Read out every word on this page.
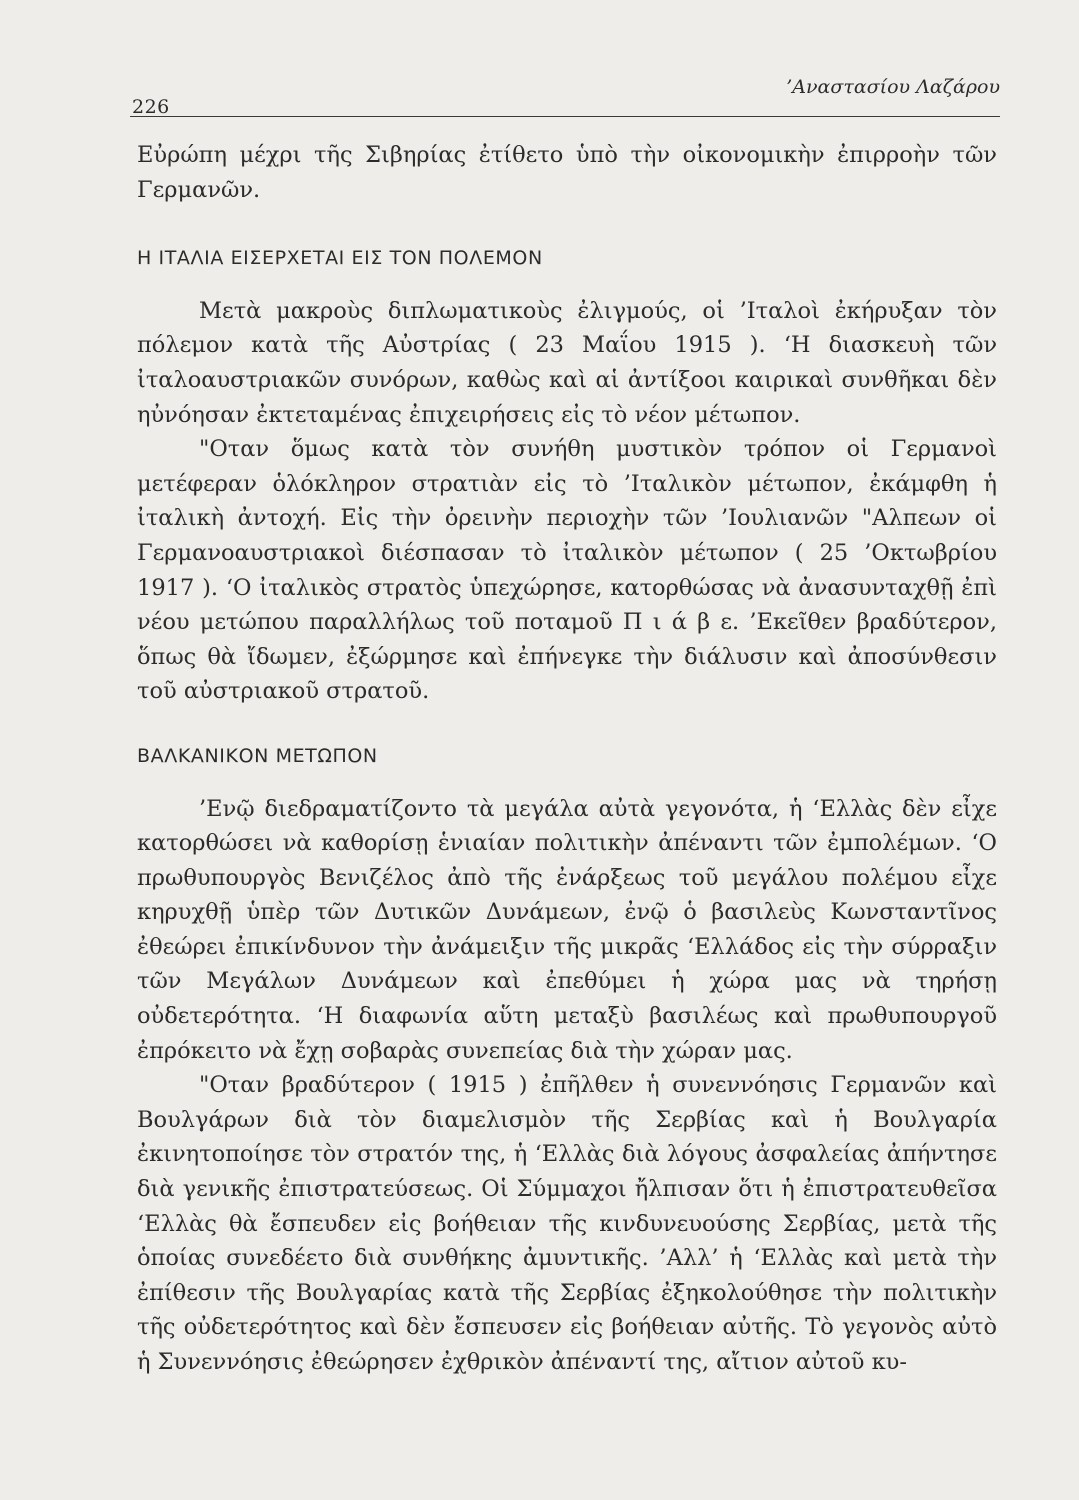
226
’Αναστασίου Λαζάρου

Εὐρώπη μέχρι τῆς Σιβηρίας ἐτίθετο ὑπὸ τὴν οἰκονομικὴν ἐπιρροὴν τῶν Γερμανῶν.

Η ΙΤΑΛΙΑ ΕΙΣΕΡΧΕΤΑΙ ΕΙΣ ΤΟΝ ΠΟΛΕΜΟΝ

Μετὰ μακροὺς διπλωματικοὺς ἐλιγμούς, οἱ ’Ιταλοὶ ἐκήρυξαν τὸν πόλεμον κατὰ τῆς Αὐστρίας ( 23 Μαΐου 1915 ). ‘Η διασκευὴ τῶν ἰταλοαυστριακῶν συνόρων, καθὼς καὶ αἱ ἀντίξοοι καιρικαὶ συνθῆκαι δὲν ηὐνόησαν ἐκτεταμένας ἐπιχειρήσεις εἰς τὸ νέον μέτωπον.

"Οταν ὅμως κατὰ τὸν συνήθη μυστικὸν τρόπον οἱ Γερμανοὶ μετέφεραν ὁλόκληρον στρατιὰν εἰς τὸ ’Ιταλικὸν μέτωπον, ἐκάμφθη ἡ ἰταλικὴ ἀντοχή. Εἰς τὴν ὀρεινὴν περιοχὴν τῶν ’Ιουλιανῶν "Αλπεων οἱ Γερμανοαυστριακοὶ διέσπασαν τὸ ἰταλικὸν μέτωπον ( 25 ’Οκτωβρίου 1917 ). ‘Ο ἰταλικὸς στρατὸς ὑπεχώρησε, κατορθώσας νὰ ἀνασυνταχθῇ ἐπὶ νέου μετώπου παραλλήλως τοῦ ποταμοῦ Π ι ά β ε. ’Εκεῖθεν βραδύτερον, ὅπως θὰ ἴδωμεν, ἐξώρμησε καὶ ἐπήνεγκε τὴν διάλυσιν καὶ ἀποσύνθεσιν τοῦ αὐστριακοῦ στρατοῦ.

ΒΑΛΚΑΝΙΚΟΝ ΜΕΤΩΠΟΝ

’Ενῷ διεδραματίζοντο τὰ μεγάλα αὐτὰ γεγονότα, ἡ ‘Ελλὰς δὲν εἶχε κατορθώσει νὰ καθορίσῃ ἑνιαίαν πολιτικὴν ἀπέναντι τῶν ἐμπολέμων. ‘Ο πρωθυπουργὸς Βενιζέλος ἀπὸ τῆς ἐνάρξεως τοῦ μεγάλου πολέμου εἶχε κηρυχθῇ ὑπὲρ τῶν Δυτικῶν Δυνάμεων, ἐνῷ ὁ βασιλεὺς Κωνσταντῖνος ἐθεώρει ἐπικίνδυνον τὴν ἀνάμειξιν τῆς μικρᾶς ‘Ελλάδος εἰς τὴν σύρραξιν τῶν Μεγάλων Δυνάμεων καὶ ἐπεθύμει ἡ χώρα μας νὰ τηρήσῃ οὐδετερότητα. ‘Η διαφωνία αὕτη μεταξὺ βασιλέως καὶ πρωθυπουργοῦ ἐπρόκειτο νὰ ἔχῃ σοβαρὰς συνεπείας διὰ τὴν χώραν μας.

"Οταν βραδύτερον ( 1915 ) ἐπῆλθεν ἡ συνεννόησις Γερμανῶν καὶ Βουλγάρων διὰ τὸν διαμελισμὸν τῆς Σερβίας καὶ ἡ Βουλγαρία ἐκινητοποίησε τὸν στρατόν της, ἡ ‘Ελλὰς διὰ λόγους ἀσφαλείας ἀπήντησε διὰ γενικῆς ἐπιστρατεύσεως. Οἱ Σύμμαχοι ἤλπισαν ὅτι ἡ ἐπιστρατευθεῖσα ‘Ελλὰς θὰ ἔσπευδεν εἰς βοήθειαν τῆς κινδυνευούσης Σερβίας, μετὰ τῆς ὁποίας συνεδέετο διὰ συνθήκης ἀμυντικῆς. ’Αλλ’ ἡ ‘Ελλὰς καὶ μετὰ τὴν ἐπίθεσιν τῆς Βουλγαρίας κατὰ τῆς Σερβίας ἐξηκολούθησε τὴν πολιτικὴν τῆς οὐδετερότητος καὶ δὲν ἔσπευσεν εἰς βοήθειαν αὐτῆς. Τὸ γεγονὸς αὐτὸ ἡ Συνεννόησις ἐθεώρησεν ἐχθρικὸν ἀπέναντί της, αἴτιον αὐτοῦ κυ-
